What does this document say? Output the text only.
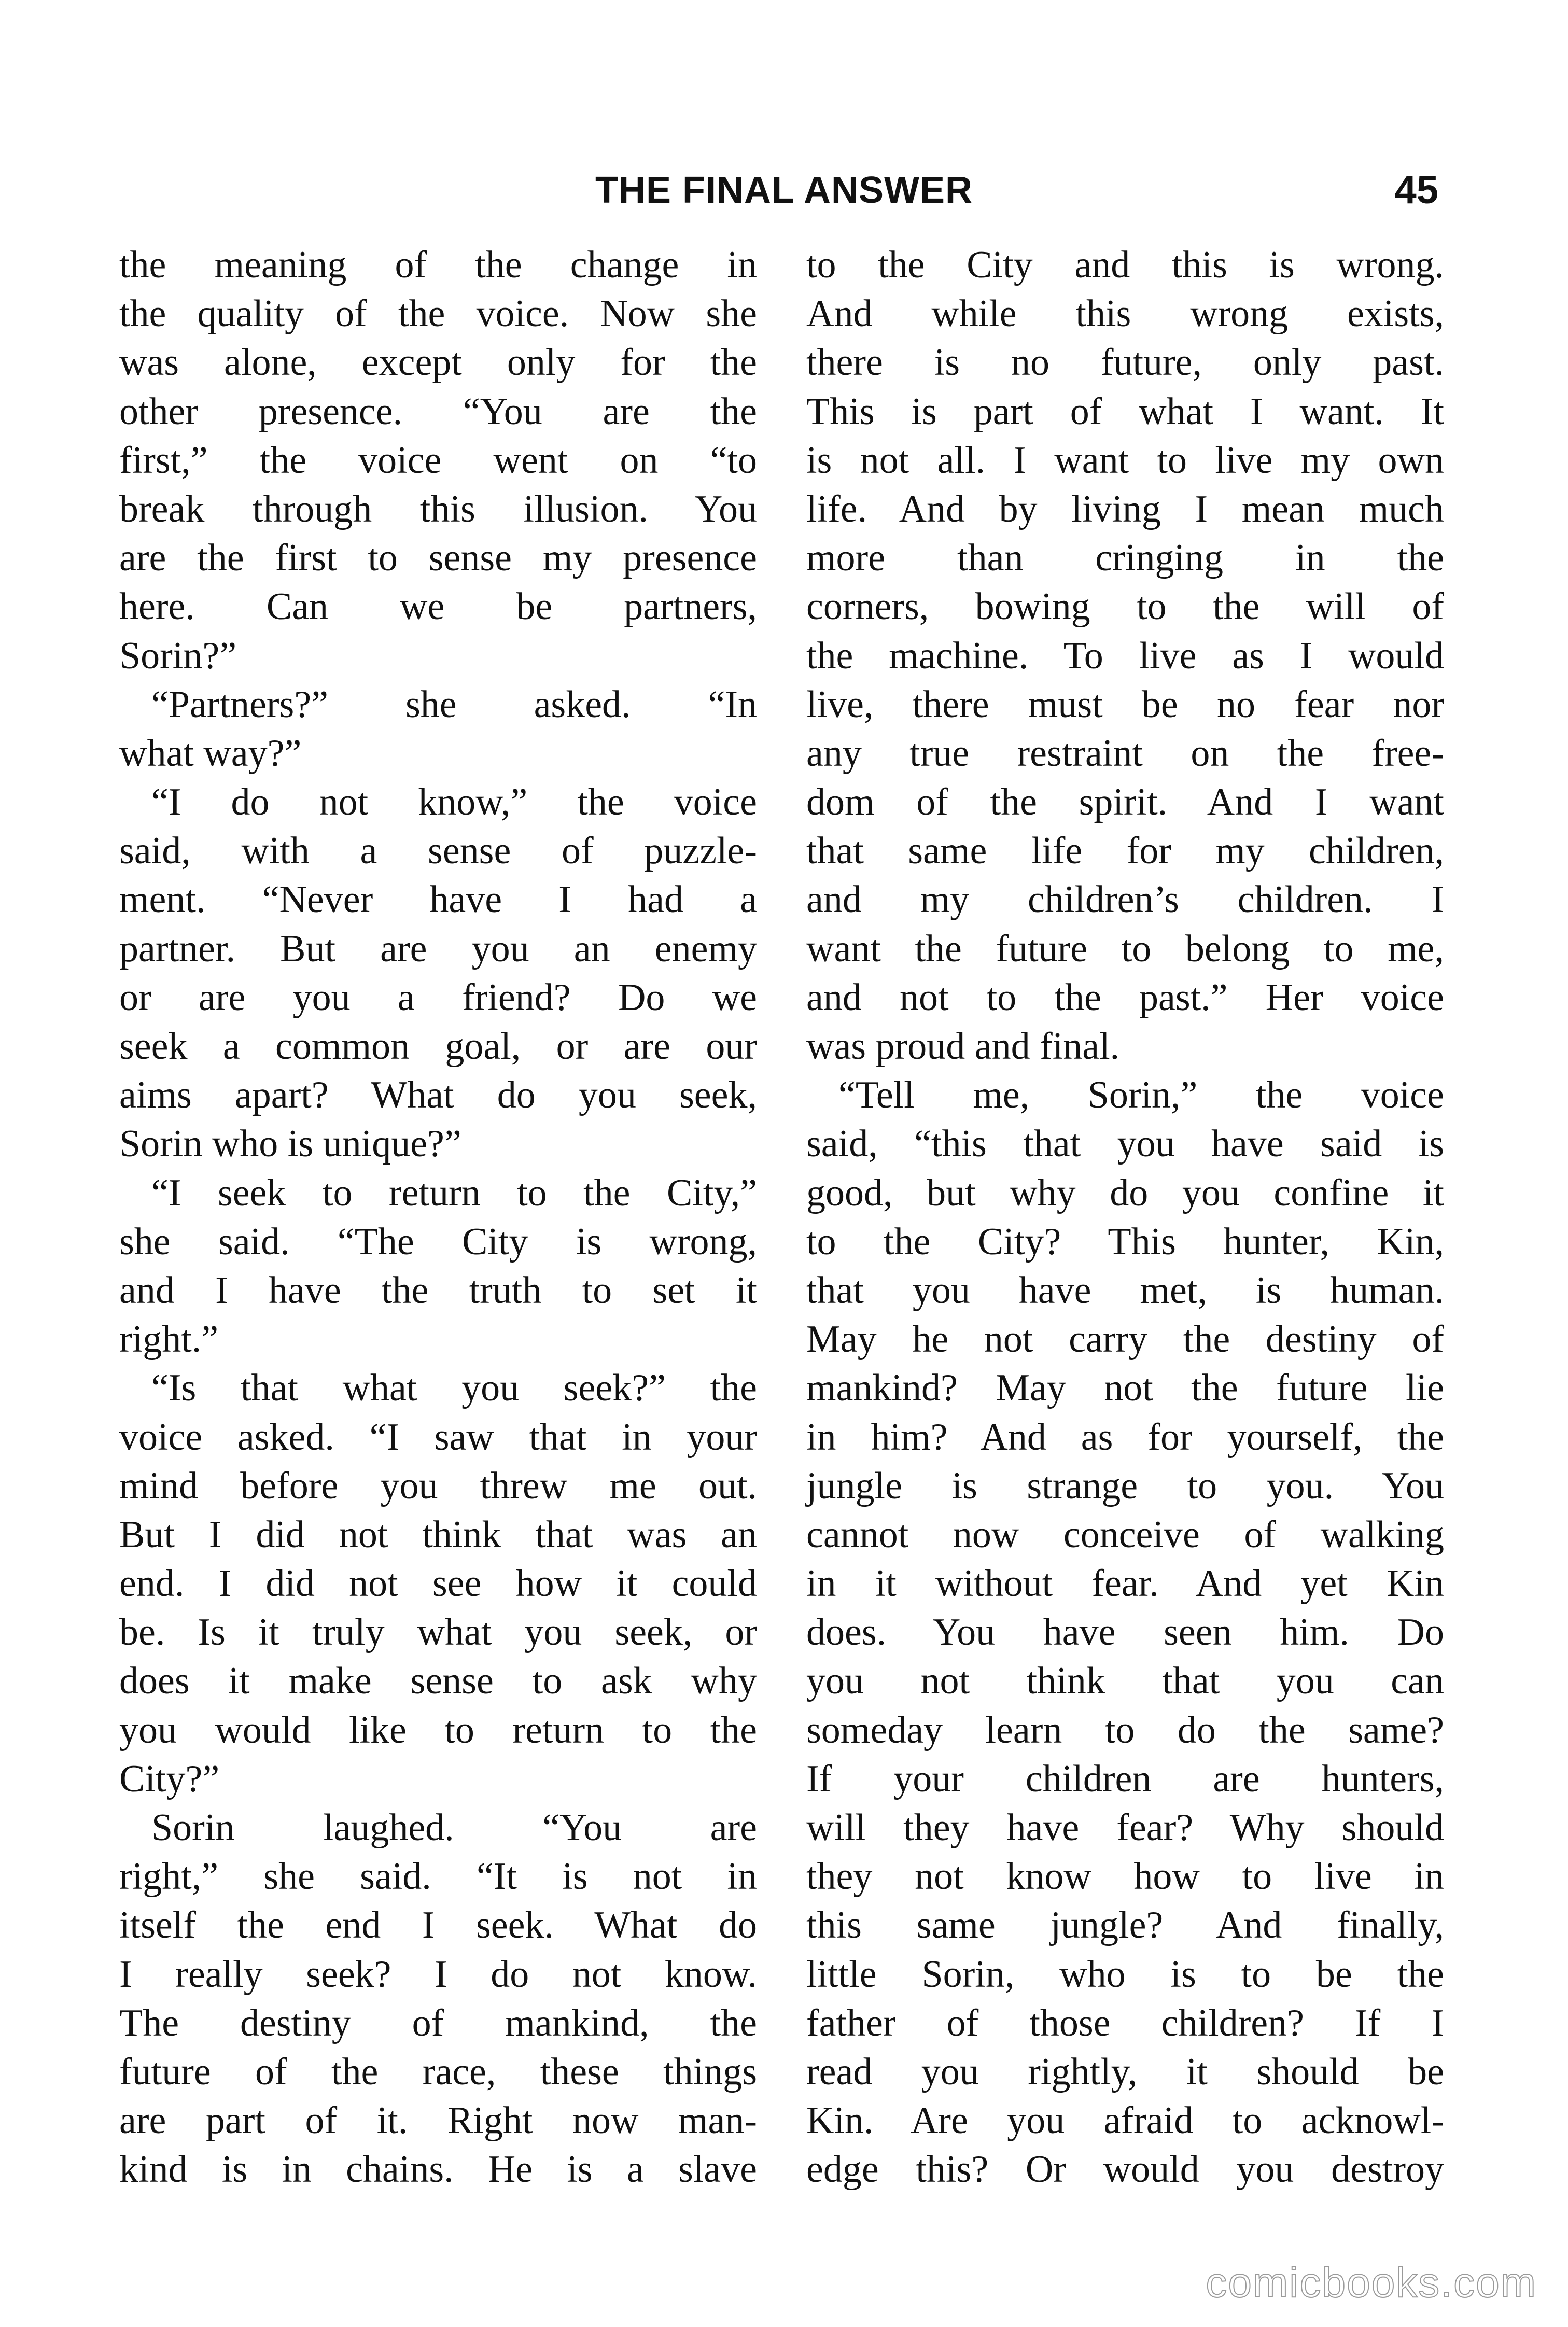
THE FINAL ANSWER	45
the meaning of the change in
the quality of the voice. Now she
was alone, except only for the
other presence. “You are the
first,” the voice went on “to
break through this illusion. You
are the first to sense my presence
here. Can we be partners,
Sorin?”
“Partners?” she asked. “In
what way?”
“I do not know,” the voice
said, with a sense of puzzle-
ment. “Never have I had a
partner. But are you an enemy
or are you a friend? Do we
seek a common goal, or are our
aims apart? What do you seek,
Sorin who is unique?”
“I seek to return to the City,”
she said. “The City is wrong,
and I have the truth to set it
right.”
“Is that what you seek?” the
voice asked. “I saw that in your
mind before you threw me out.
But I did not think that was an
end. I did not see how it could
be. Is it truly what you seek, or
does it make sense to ask why
you would like to return to the
City?”
Sorin laughed. “You are
right,” she said. “It is not in
itself the end I seek. What do
I really seek? I do not know.
The destiny of mankind, the
future of the race, these things
are part of it. Right now man-
kind is in chains. He is a slave
to the City and this is wrong.
And while this wrong exists,
there is no future, only past.
This is part of what I want. It
is not all. I want to live my own
life. And by living I mean much
more than cringing in the
corners, bowing to the will of
the machine. To live as I would
live, there must be no fear nor
any true restraint on the free-
dom of the spirit. And I want
that same life for my children,
and my children’s children. I
want the future to belong to me,
and not to the past.” Her voice
was proud and final.
“Tell me, Sorin,” the voice
said, “this that you have said is
good, but why do you confine it
to the City? This hunter, Kin,
that you have met, is human.
May he not carry the destiny of
mankind? May not the future lie
in him? And as for yourself, the
jungle is strange to you. You
cannot now conceive of walking
in it without fear. And yet Kin
does. You have seen him. Do
you not think that you can
someday learn to do the same?
If your children are hunters,
will they have fear? Why should
they not know how to live in
this same jungle? And finally,
little Sorin, who is to be the
father of those children? If I
read you rightly, it should be
Kin. Are you afraid to acknowl-
edge this? Or would you destroy
comicbooks.com
